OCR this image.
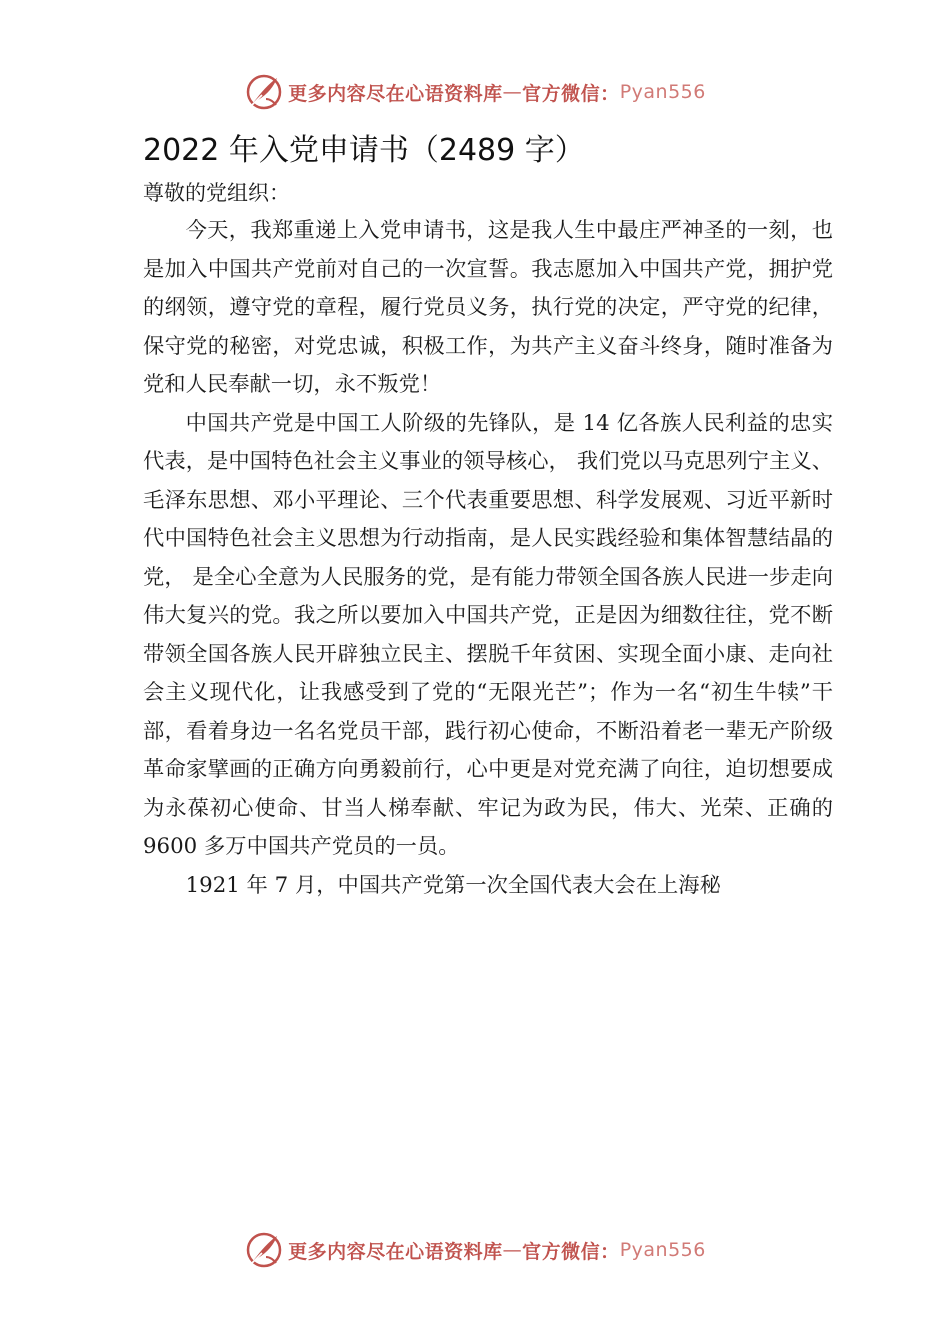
更多内容尽在心语资料库 — 官方微信： Pyan556
2022 年入党申请书（2489 字）

尊敬的党组织：

今天，我郑重递上入党申请书，这是我人生中最庄严神圣的一刻，也是加入中国共产党前对自己的一次宣誓。我志愿加入中国共产党，拥护党的纲领，遵守党的章程，履行党员义务，执行党的决定，严守党的纪律，保守党的秘密，对党忠诚，积极工作，为共产主义奋斗终身，随时准备为党和人民奉献一切，永不叛党！

中国共产党是中国工人阶级的先锋队，是 14 亿各族人民利益的忠实代表，是中国特色社会主义事业的领导核心， 我们党以马克思列宁主义、毛泽东思想、邓小平理论、三个代表重要思想、科学发展观、习近平新时代中国特色社会主义思想为行动指南，是人民实践经验和集体智慧结晶的党， 是全心全意为人民服务的党，是有能力带领全国各族人民进一步走向伟大复兴的党。我之所以要加入中国共产党，正是因为细数往往，党不断带领全国各族人民开辟独立民主、摆脱千年贫困、实现全面小康、走向社会主义现代化，让我感受到了党的“无限光芒”；作为一名“初生牛犊”干部，看着身边一名名党员干部，践行初心使命，不断沿着老一辈无产阶级革命家擘画的正确方向勇毅前行，心中更是对党充满了向往，迫切想要成为永葆初心使命、甘当人梯奉献、牢记为政为民，伟大、光荣、正确的 9600 多万中国共产党员的一员。

1921 年 7 月，中国共产党第一次全国代表大会在上海秘

更多内容尽在心语资料库 — 官方微信： Pyan556
